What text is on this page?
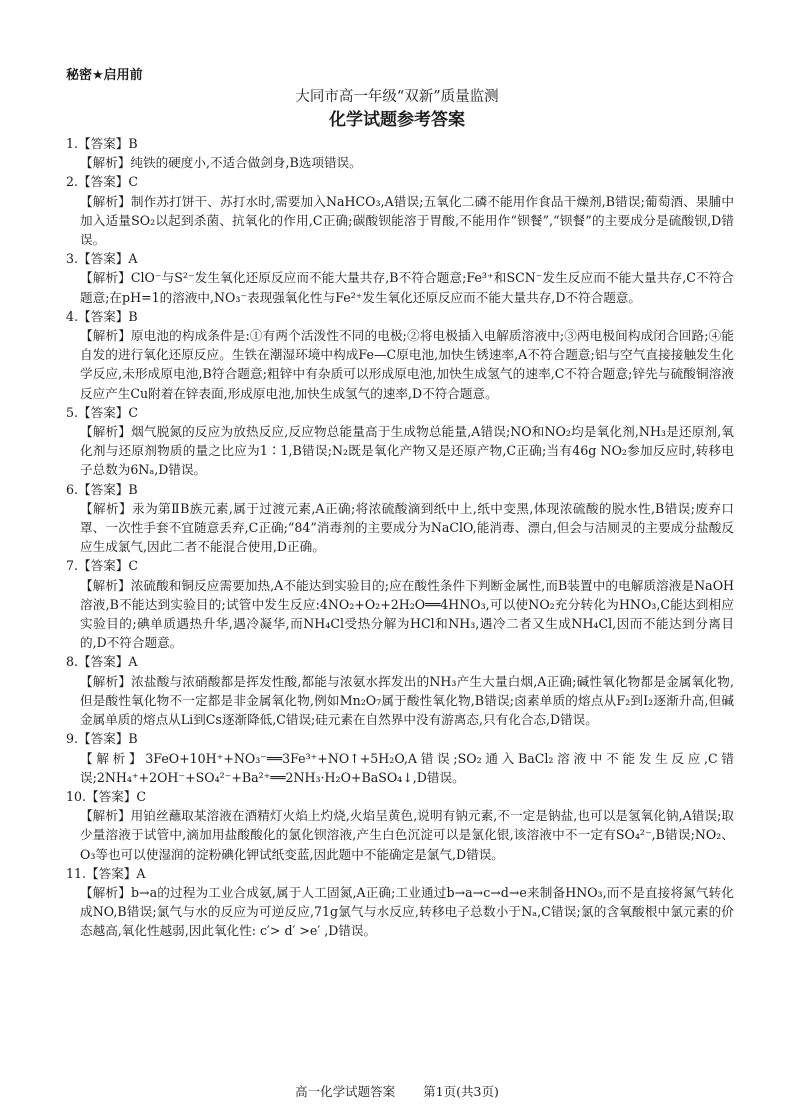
秘密★启用前
大同市高一年级“双新”质量监测
化学试题参考答案
1.【答案】B
【解析】纯铁的硬度小,不适合做剑身,B选项错误。
2.【答案】C
【解析】制作苏打饼干、苏打水时,需要加入NaHCO₃,A错误;五氧化二磷不能用作食品干燥剂,B错误;葡萄酒、果脯中加入适量SO₂以起到杀菌、抗氧化的作用,C正确;碳酸钡能溶于胃酸,不能用作“钡餐”,“钡餐”的主要成分是硫酸钡,D错误。
3.【答案】A
【解析】ClO⁻与S²⁻发生氧化还原反应而不能大量共存,B不符合题意;Fe³⁺和SCN⁻发生反应而不能大量共存,C不符合题意;在pH=1的溶液中,NO₃⁻表现强氧化性与Fe²⁺发生氧化还原反应而不能大量共存,D不符合题意。
4.【答案】B
【解析】原电池的构成条件是:①有两个活泼性不同的电极;②将电极插入电解质溶液中;③两电极间构成闭合回路;④能自发的进行氧化还原反应。生铁在潮湿环境中构成Fe—C原电池,加快生锈速率,A不符合题意;铝与空气直接接触发生化学反应,未形成原电池,B符合题意;粗锌中有杂质可以形成原电池,加快生成氢气的速率,C不符合题意;锌先与硫酸铜溶液反应产生Cu附着在锌表面,形成原电池,加快生成氢气的速率,D不符合题意。
5.【答案】C
【解析】烟气脱氮的反应为放热反应,反应物总能量高于生成物总能量,A错误;NO和NO₂均是氧化剂,NH₃是还原剂,氧化剂与还原剂物质的量之比应为1∶1,B错误;N₂既是氧化产物又是还原产物,C正确;当有46g NO₂参加反应时,转移电子总数为6Nₐ,D错误。
6.【答案】B
【解析】汞为第ⅡB族元素,属于过渡元素,A正确;将浓硫酸滴到纸中上,纸中变黑,体现浓硫酸的脱水性,B错误;废弃口罩、一次性手套不宜随意丢弃,C正确;“84”消毒剂的主要成分为NaClO,能消毒、漂白,但会与洁厕灵的主要成分盐酸反应生成氯气,因此二者不能混合使用,D正确。
7.【答案】C
【解析】浓硫酸和铜反应需要加热,A不能达到实验目的;应在酸性条件下判断金属性,而B装置中的电解质溶液是NaOH溶液,B不能达到实验目的;试管中发生反应:4NO₂+O₂+2H₂O══4HNO₃,可以使NO₂充分转化为HNO₃,C能达到相应实验目的;碘单质遇热升华,遇冷凝华,而NH₄Cl受热分解为HCl和NH₃,遇冷二者又生成NH₄Cl,因而不能达到分离目的,D不符合题意。
8.【答案】A
【解析】浓盐酸与浓硝酸都是挥发性酸,都能与浓氨水挥发出的NH₃产生大量白烟,A正确;碱性氧化物都是金属氧化物,但是酸性氧化物不一定都是非金属氧化物,例如Mn₂O₇属于酸性氧化物,B错误;卤素单质的熔点从F₂到I₂逐渐升高,但碱金属单质的熔点从Li到Cs逐渐降低,C错误;硅元素在自然界中没有游离态,只有化合态,D错误。
9.【答案】B
【解析】3FeO+10H⁺+NO₃⁻══3Fe³⁺+NO↑+5H₂O,A错误;SO₂通入BaCl₂溶液中不能发生反应,C错误;2NH₄⁺+2OH⁻+SO₄²⁻+Ba²⁺══2NH₃·H₂O+BaSO₄↓,D错误。
10.【答案】C
【解析】用铂丝蘸取某溶液在酒精灯火焰上灼烧,火焰呈黄色,说明有钠元素,不一定是钠盐,也可以是氢氧化钠,A错误;取少量溶液于试管中,滴加用盐酸酸化的氯化钡溶液,产生白色沉淀可以是氯化银,该溶液中不一定有SO₄²⁻,B错误;NO₂、O₃等也可以使湿润的淀粉碘化钾试纸变蓝,因此题中不能确定是氯气,D错误。
11.【答案】A
【解析】b→a的过程为工业合成氨,属于人工固氮,A正确;工业通过b→a→c→d→e来制备HNO₃,而不是直接将氮气转化成NO,B错误;氯气与水的反应为可逆反应,71g氯气与水反应,转移电子总数小于Nₐ,C错误;氯的含氧酸根中氯元素的价态越高,氧化性越弱,因此氧化性: c′> d′ >e′ ,D错误。
高一化学试题答案 第1页(共3页)
